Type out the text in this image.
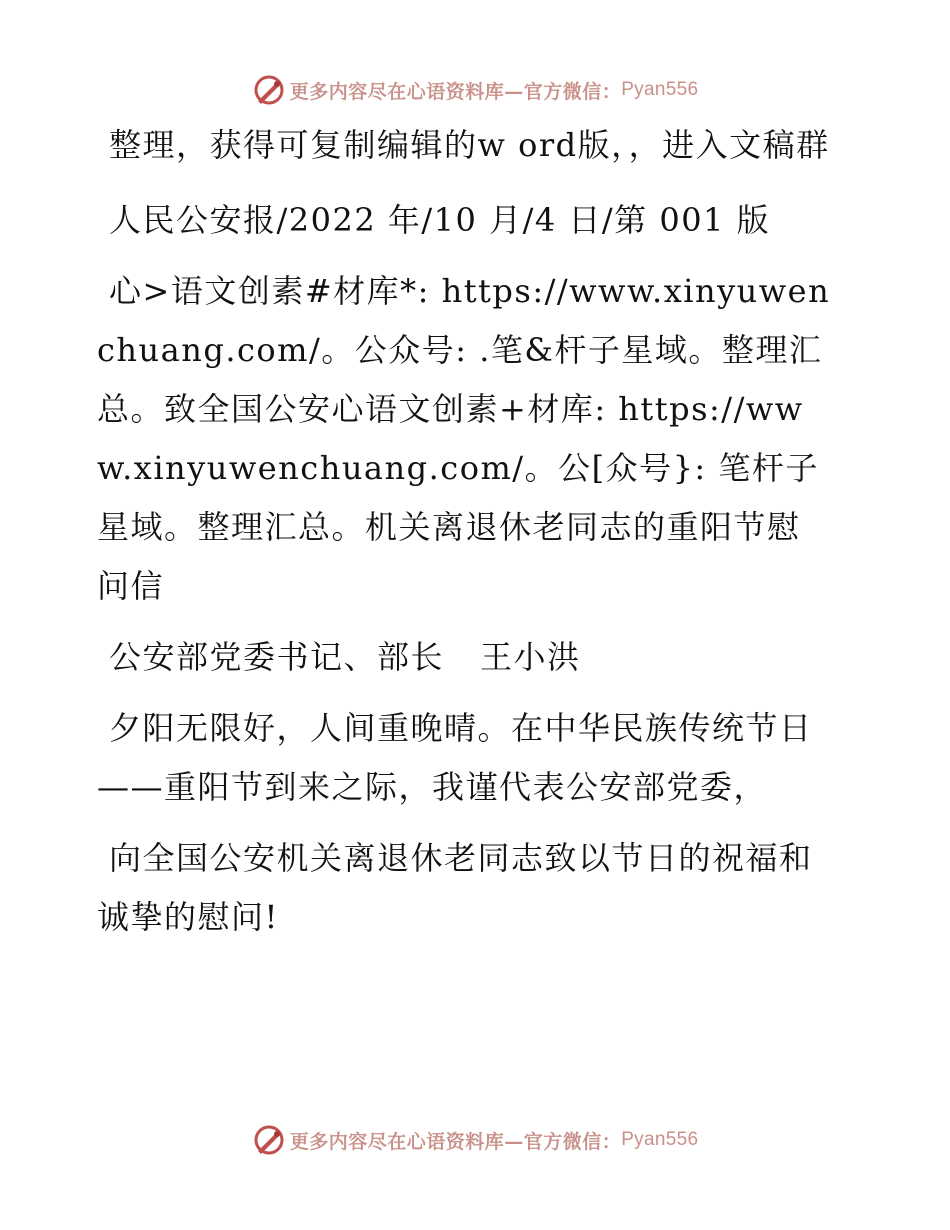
更多内容尽在心语资料库—官方微信： Pyan556

整理，获得可复制编辑的w ord版，，进入文稿群

人民公安报/2022 年/10 月/4 日/第 001 版

心>语文创素#材库*: https://www.xinyuwenchuang.com/。公众号: .笔&杆子星域。整理汇总。致全国公安心语文创素+材库: https://www.xinyuwenchuang.com/。公[众号}: 笔杆子星域。整理汇总。机关离退休老同志的重阳节慰问信

公安部党委书记、部长 王小洪

夕阳无限好，人间重晚晴。在中华民族传统节日——重阳节到来之际，我谨代表公安部党委，

向全国公安机关离退休老同志致以节日的祝福和诚挚的慰问!

更多内容尽在心语资料库—官方微信： Pyan556
